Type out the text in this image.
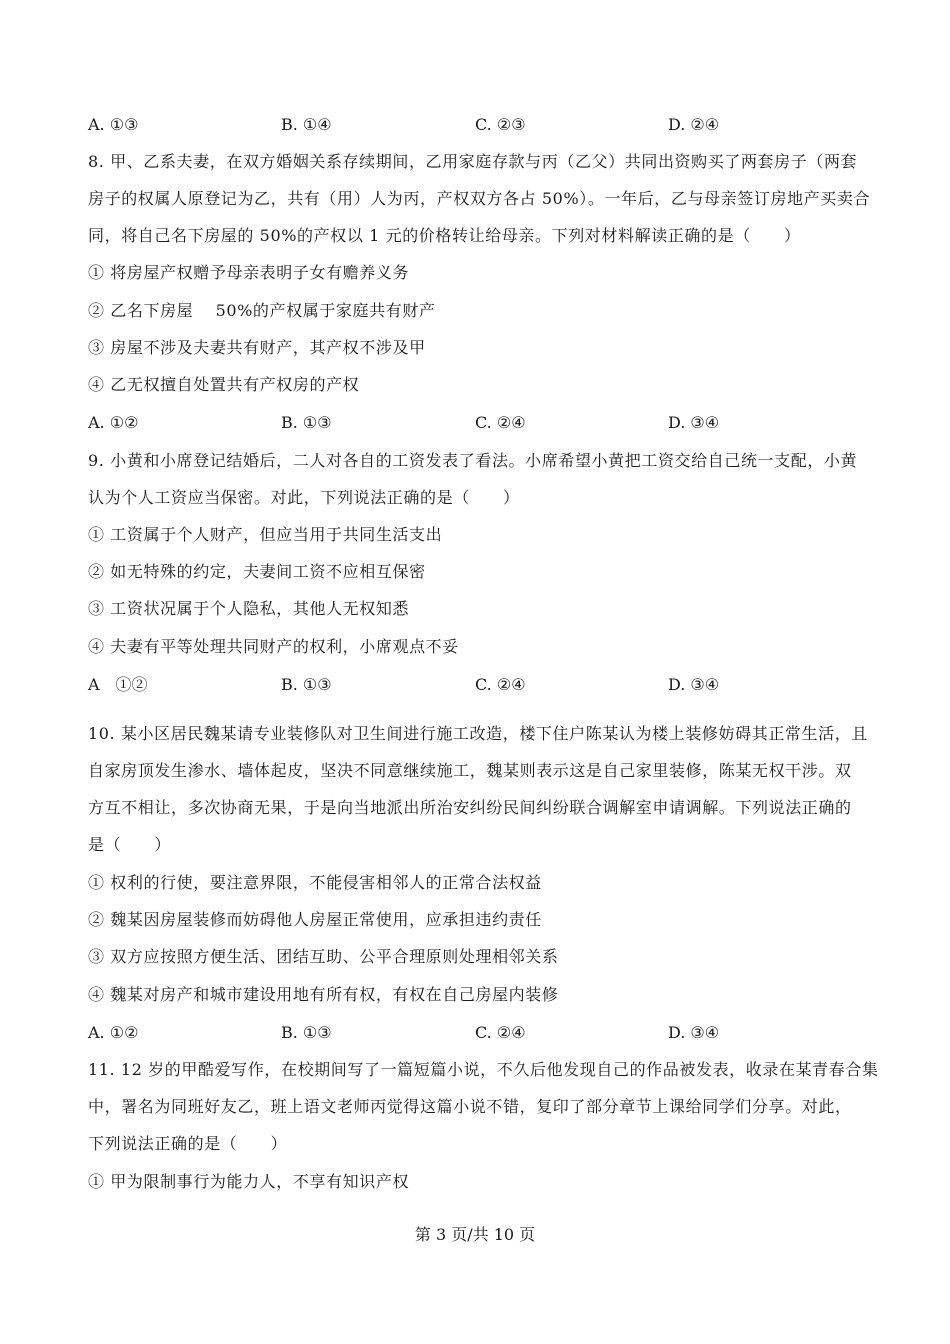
A. ①③	B. ①④	C. ②③	D. ②④
8. 甲、乙系夫妻，在双方婚姻关系存续期间，乙用家庭存款与丙（乙父）共同出资购买了两套房子（两套
房子的权属人原登记为乙，共有（用）人为丙，产权双方各占 50%）。一年后，乙与母亲签订房地产买卖合
同，将自己名下房屋的 50%的产权以 1 元的价格转让给母亲。下列对材料解读正确的是（　　）
① 将房屋产权赠予母亲表明子女有赡养义务
② 乙名下房屋　 50%的产权属于家庭共有财产
③ 房屋不涉及夫妻共有财产，其产权不涉及甲
④ 乙无权擅自处置共有产权房的产权
A. ①②	B. ①③	C. ②④	D. ③④
9. 小黄和小席登记结婚后，二人对各自的工资发表了看法。小席希望小黄把工资交给自己统一支配，小黄
认为个人工资应当保密。对此，下列说法正确的是（　　）
① 工资属于个人财产，但应当用于共同生活支出
② 如无特殊的约定，夫妻间工资不应相互保密
③ 工资状况属于个人隐私，其他人无权知悉
④ 夫妻有平等处理共同财产的权利，小席观点不妥
A　①②	B. ①③	C. ②④	D. ③④
10. 某小区居民魏某请专业装修队对卫生间进行施工改造，楼下住户陈某认为楼上装修妨碍其正常生活，且
自家房顶发生渗水、墙体起皮，坚决不同意继续施工，魏某则表示这是自己家里装修，陈某无权干涉。双
方互不相让，多次协商无果，于是向当地派出所治安纠纷民间纠纷联合调解室申请调解。下列说法正确的
是（　　）
① 权利的行使，要注意界限，不能侵害相邻人的正常合法权益
② 魏某因房屋装修而妨碍他人房屋正常使用，应承担违约责任
③ 双方应按照方便生活、团结互助、公平合理原则处理相邻关系
④ 魏某对房产和城市建设用地有所有权，有权在自己房屋内装修
A. ①②	B. ①③	C. ②④	D. ③④
11. 12 岁的甲酷爱写作，在校期间写了一篇短篇小说，不久后他发现自己的作品被发表，收录在某青春合集
中，署名为同班好友乙，班上语文老师丙觉得这篇小说不错，复印了部分章节上课给同学们分享。对此，
下列说法正确的是（　　）
① 甲为限制事行为能力人，不享有知识产权
第 3 页/共 10 页
